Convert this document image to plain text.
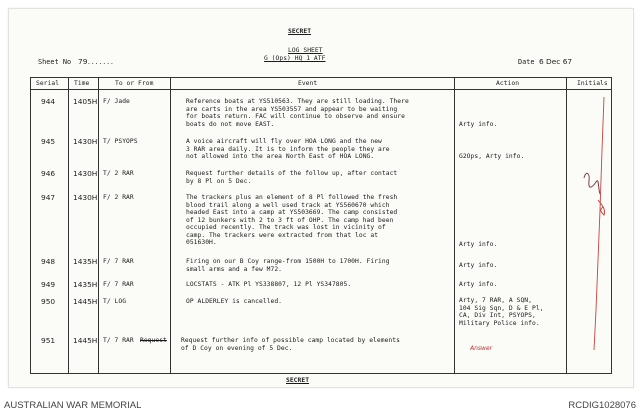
SECRET
LOG SHEET
G (Ops) HQ 1 ATF
Sheet No 79 .......	Date 6 Dec 67
Serial Time	To or From	Event	Action	Initials
944 1405H F/ Jade	Reference boats at YS510563. They are still loading. There
are carts in the area YS503557 and appear to be waiting
for boats return. FAC will continue to observe and ensure
boats do not move EAST.	Arty info.
945 1430H T/ PSYOPS	A voice aircraft will fly over HOA LONG and the new
3 RAR area daily. It is to inform the people they are
not allowed into the area North East of HOA LONG.	G2Ops, Arty info.
946 1430H T/ 2 RAR	Request further details of the follow up, after contact
by 8 Pl on 5 Dec.
947 1430H F/ 2 RAR	The trackers plus an element of 8 Pl followed the fresh
blood trail along a well used track at YS560670 which
headed East into a camp at YS503669. The camp consisted
of 12 bunkers with 2 to 3 ft of OHP. The camp had been
occupied recently. The track was lost in vicinity of
camp. The trackers were extracted from that loc at
051630H.	Arty info.
948 1435H F/ 7 RAR	Firing on our B Coy range-from 1500H to 1700H. Firing
small arms and a few M72.	Arty info.
949 1435H F/ 7 RAR	LOCSTATS - ATK Pl YS338807, 12 Pl YS347805.	Arty info.
950 1445H T/ LOG	OP ALDERLEY is cancelled.	Arty, 7 RAR, A SQN,
104 Sig Sqn, D & E Pl,
CA, Div Int, PSYOPS,
Military Police info.
951 1445H T/ 7 RAR Request Request further info of possible camp located by elements
of D Coy on evening of 5 Dec.	Answer
SECRET
AUSTRALIAN WAR MEMORIAL	RCDIG1028076
